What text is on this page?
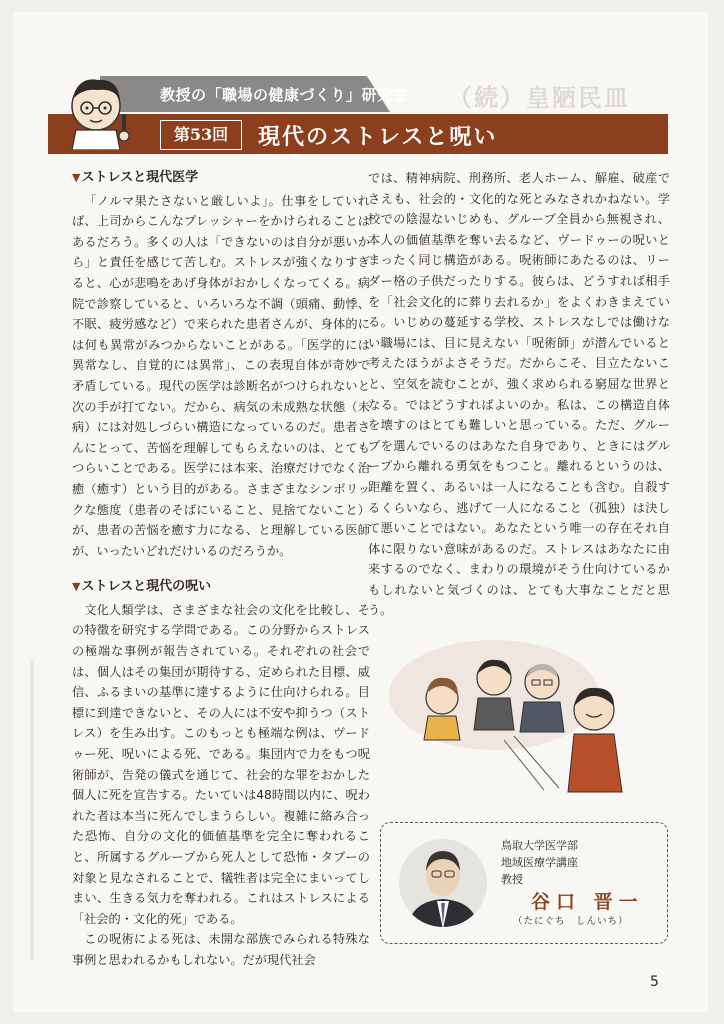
教授の「職場の健康づくり」研究室 （続）皇陋民皿
第53回	現代のストレスと呪い
▼ストレスと現代医学

「ノルマ果たさないと厳しいよ」。仕事をしていれば、上司からこんなプレッシャーをかけられることはあるだろう。多くの人は「できないのは自分が悪いから」と責任を感じて苦しむ。ストレスが強くなりすぎると、心が悲鳴をあげ身体がおかしくなってくる。病院で診察していると、いろいろな不調（頭痛、動悸、不眠、疲労感など）で来られた患者さんが、身体的には何も異常がみつからないことがある。「医学的には異常なし、自覚的には異常」、この表現自体が奇妙で矛盾している。現代の医学は診断名がつけられないと次の手が打てない。だから、病気の未成熟な状態（未病）には対処しづらい構造になっているのだ。患者さんにとって、苦悩を理解してもらえないのは、とてもつらいことである。医学には本来、治療だけでなく治癒（癒す）という目的がある。さまざまなシンボリックな態度（患者のそばにいること、見捨てないこと）が、患者の苦悩を癒す力になる、と理解している医師が、いったいどれだけいるのだろうか。

▼ストレスと現代の呪い

文化人類学は、さまざまな社会の文化を比較し、その特徴を研究する学問である。この分野からストレスの極端な事例が報告されている。それぞれの社会では、個人はその集団が期待する、定められた目標、威信、ふるまいの基準に達するように仕向けられる。目標に到達できないと、その人には不安や抑うつ（ストレス）を生み出す。このもっとも極端な例は、ヴードゥー死、呪いによる死、である。集団内で力をもつ呪術師が、告発の儀式を通じて、社会的な罪をおかした個人に死を宣告する。たいていは48時間以内に、呪われた者は本当に死んでしまうらしい。複雑に絡み合った恐怖、自分の文化的価値基準を完全に奪われること、所属するグループから死人として恐怖・タブーの対象と見なされることで、犠牲者は完全にまいってしまい、生きる気力を奪われる。これはストレスによる「社会的・文化的死」である。

この呪術による死は、未開な部族でみられる特殊な事例と思われるかもしれない。だが現代社会

では、精神病院、刑務所、老人ホーム、解雇、破産でさえも、社会的・文化的な死とみなされかねない。学校での陰湿ないじめも、グループ全員から無視され、本人の価値基準を奪い去るなど、ヴードゥーの呪いとまったく同じ構造がある。呪術師にあたるのは、リーダー格の子供だったりする。彼らは、どうすれば相手を「社会文化的に葬り去れるか」をよくわきまえている。いじめの蔓延する学校、ストレスなしでは働けない職場には、目に見えない「呪術師」が潜んでいると考えたほうがよさそうだ。だからこそ、目立たないこと、空気を読むことが、強く求められる窮屈な世界となる。ではどうすればよいのか。私は、この構造自体を壊すのはとても難しいと思っている。ただ、グループを選んでいるのはあなた自身であり、ときにはグループから離れる勇気をもつこと。離れるというのは、距離を置く、あるいは一人になることも含む。自殺するくらいなら、逃げて一人になること（孤独）は決して悪いことではない。あなたという唯一の存在それ自体に限りない意味があるのだ。ストレスはあなたに由来するのでなく、まわりの環境がそう仕向けているかもしれないと気づくのは、とても大事なことだと思う。

鳥取大学医学部
地域医療学講座
教授
谷口 晋一
（たにぐち　しんいち）
5
